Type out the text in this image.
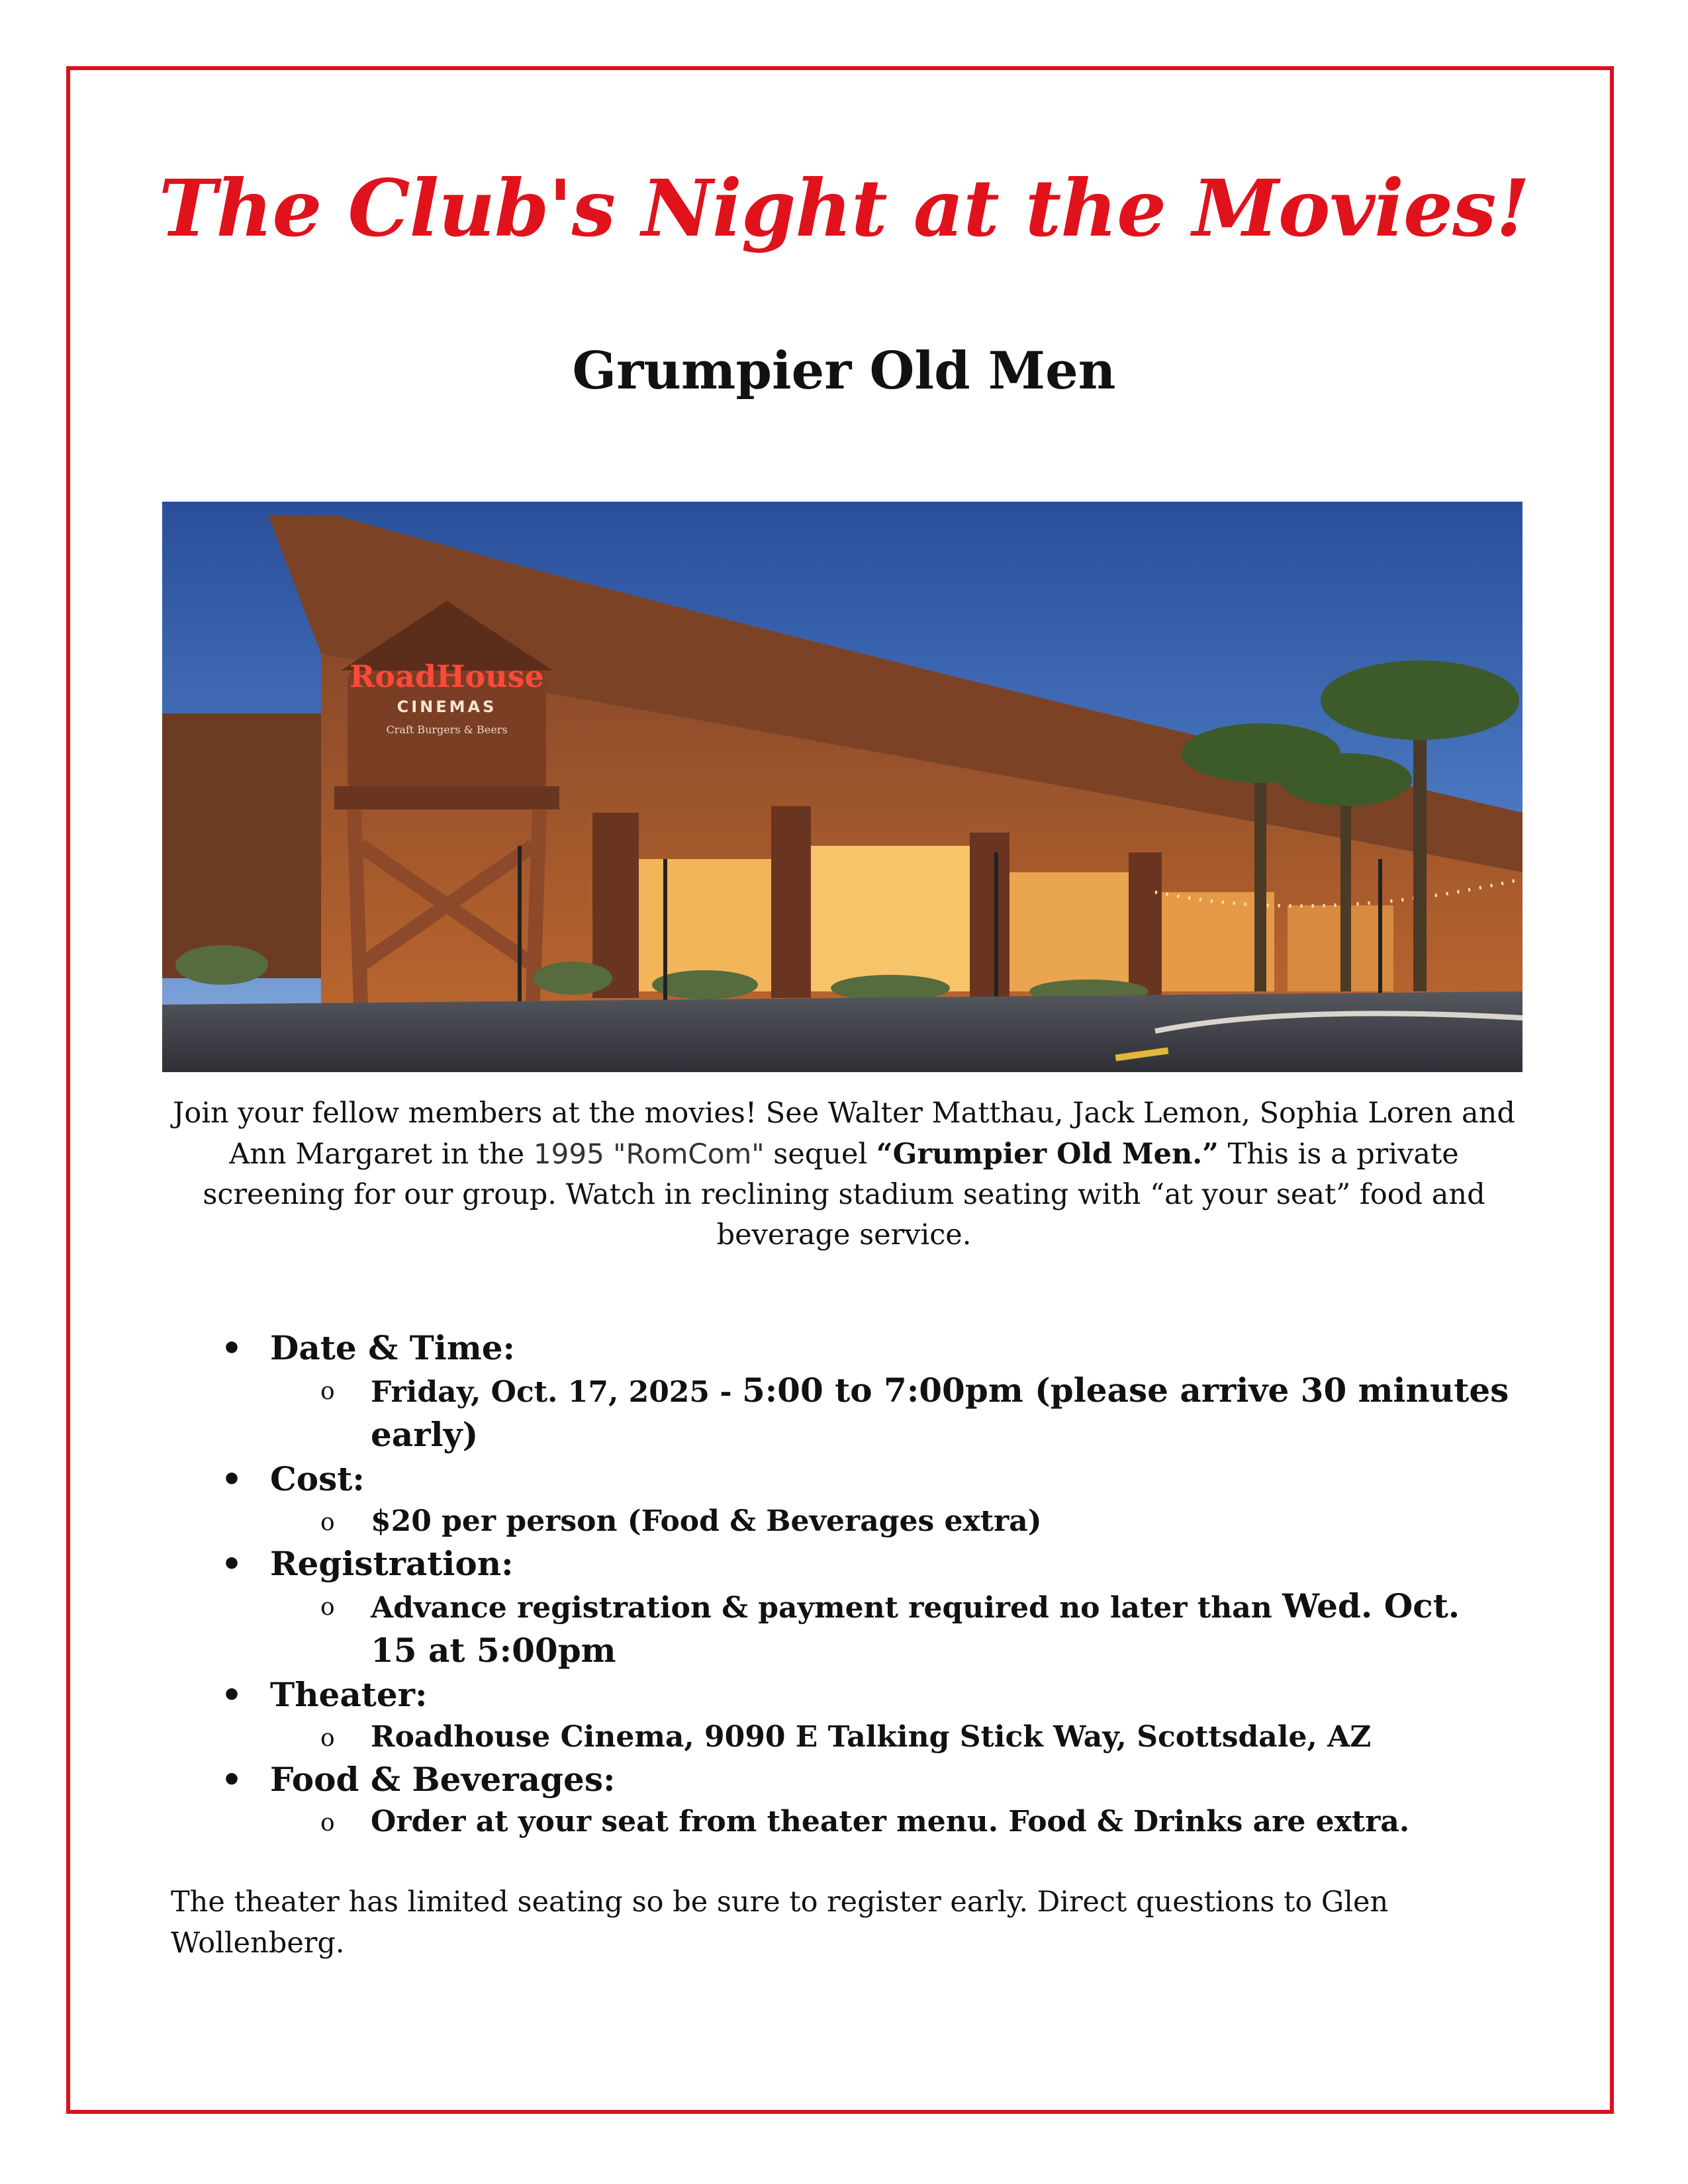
The Club's Night at the Movies!
Grumpier Old Men
RoadHouse
CINEMAS
Craft Burgers & Beers
Join your fellow members at the movies! See Walter Matthau, Jack Lemon, Sophia Loren and Ann Margaret in the 1995 "RomCom" sequel “Grumpier Old Men.” This is a private screening for our group. Watch in reclining stadium seating with “at your seat” food and beverage service.
• Date & Time:
o Friday, Oct. 17, 2025 - 5:00 to 7:00pm (please arrive 30 minutes early)
• Cost:
o $20 per person (Food & Beverages extra)
• Registration:
o Advance registration & payment required no later than Wed. Oct. 15 at 5:00pm
• Theater:
o Roadhouse Cinema, 9090 E Talking Stick Way, Scottsdale, AZ
• Food & Beverages:
o Order at your seat from theater menu. Food & Drinks are extra.
The theater has limited seating so be sure to register early. Direct questions to Glen Wollenberg.
